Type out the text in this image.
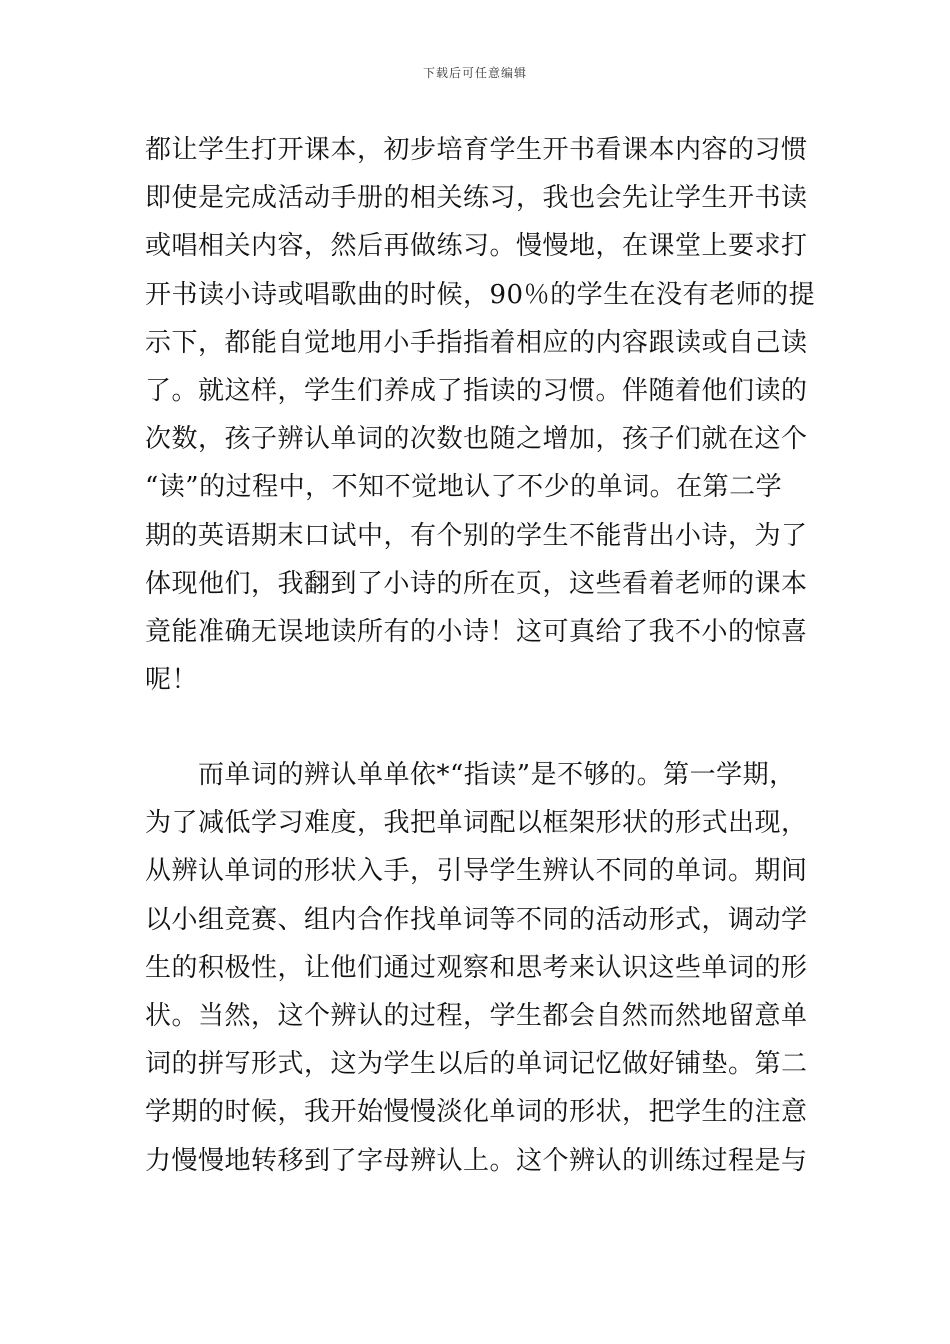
下载后可任意编辑
都让学生打开课本，初步培育学生开书看课本内容的习惯
即使是完成活动手册的相关练习，我也会先让学生开书读
或唱相关内容，然后再做练习。慢慢地，在课堂上要求打
开书读小诗或唱歌曲的时候，90％的学生在没有老师的提
示下，都能自觉地用小手指指着相应的内容跟读或自己读
了。就这样，学生们养成了指读的习惯。伴随着他们读的
次数，孩子辨认单词的次数也随之增加，孩子们就在这个
“读”的过程中，不知不觉地认了不少的单词。在第二学
期的英语期末口试中，有个别的学生不能背出小诗，为了
体现他们，我翻到了小诗的所在页，这些看着老师的课本
竟能准确无误地读所有的小诗！这可真给了我不小的惊喜
呢！
　　而单词的辨认单单依*“指读”是不够的。第一学期，
为了减低学习难度，我把单词配以框架形状的形式出现，
从辨认单词的形状入手，引导学生辨认不同的单词。期间
以小组竞赛、组内合作找单词等不同的活动形式，调动学
生的积极性，让他们通过观察和思考来认识这些单词的形
状。当然，这个辨认的过程，学生都会自然而然地留意单
词的拼写形式，这为学生以后的单词记忆做好铺垫。第二
学期的时候，我开始慢慢淡化单词的形状，把学生的注意
力慢慢地转移到了字母辨认上。这个辨认的训练过程是与
